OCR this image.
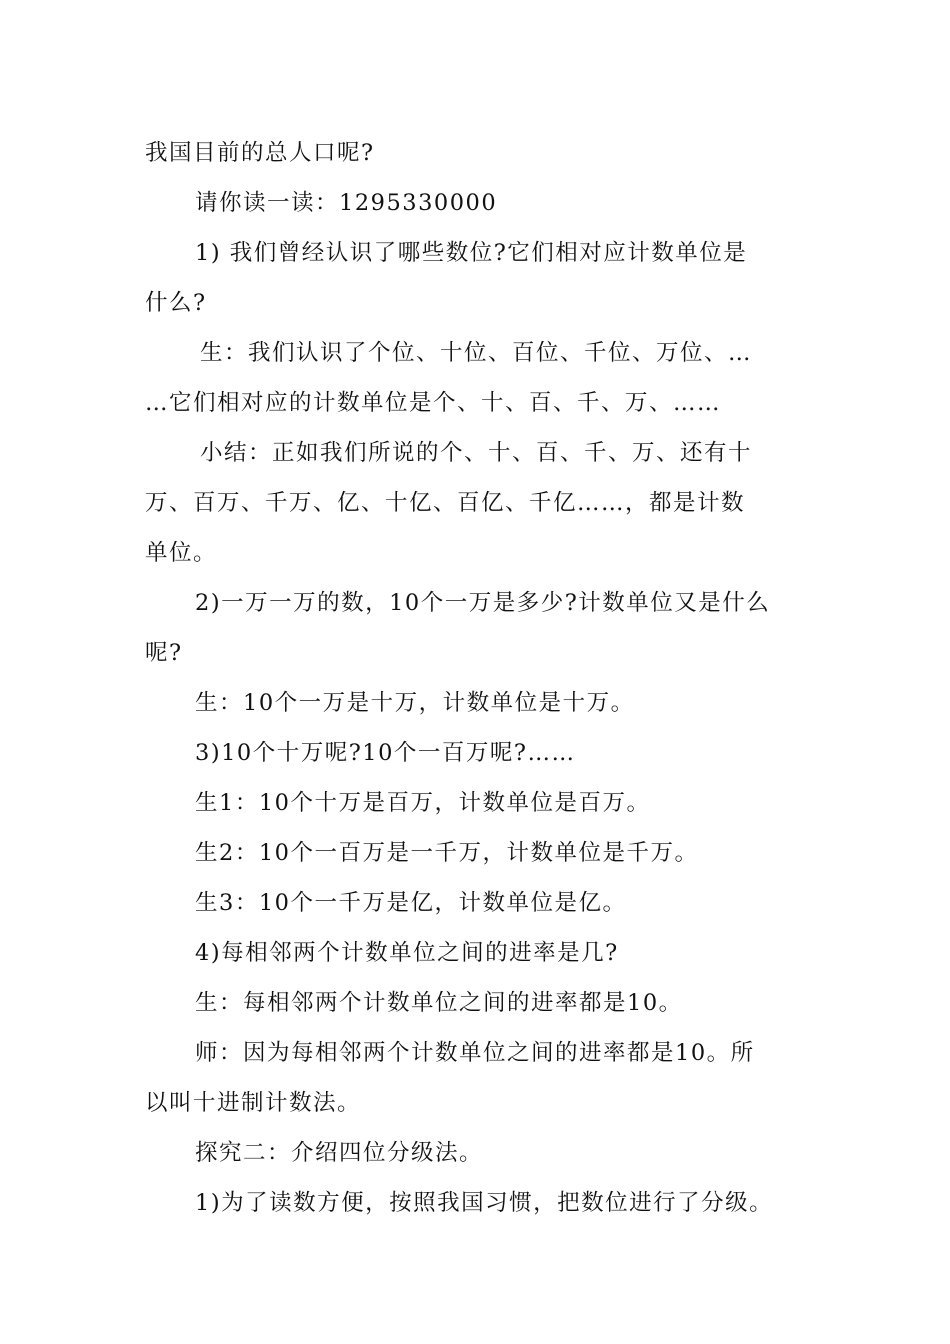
我国目前的总人口呢?
请你读一读：1295330000
1) 我们曾经认识了哪些数位?它们相对应计数单位是
什么?
生：我们认识了个位、十位、百位、千位、万位、…
…它们相对应的计数单位是个、十、百、千、万、……
小结：正如我们所说的个、十、百、千、万、还有十
万、百万、千万、亿、十亿、百亿、千亿……，都是计数
单位。
2)一万一万的数，10个一万是多少?计数单位又是什么
呢?
生：10个一万是十万，计数单位是十万。
3)10个十万呢?10个一百万呢?……
生1：10个十万是百万，计数单位是百万。
生2：10个一百万是一千万，计数单位是千万。
生3：10个一千万是亿，计数单位是亿。
4)每相邻两个计数单位之间的进率是几?
生：每相邻两个计数单位之间的进率都是10。
师：因为每相邻两个计数单位之间的进率都是10。所
以叫十进制计数法。
探究二：介绍四位分级法。
1)为了读数方便，按照我国习惯，把数位进行了分级。
